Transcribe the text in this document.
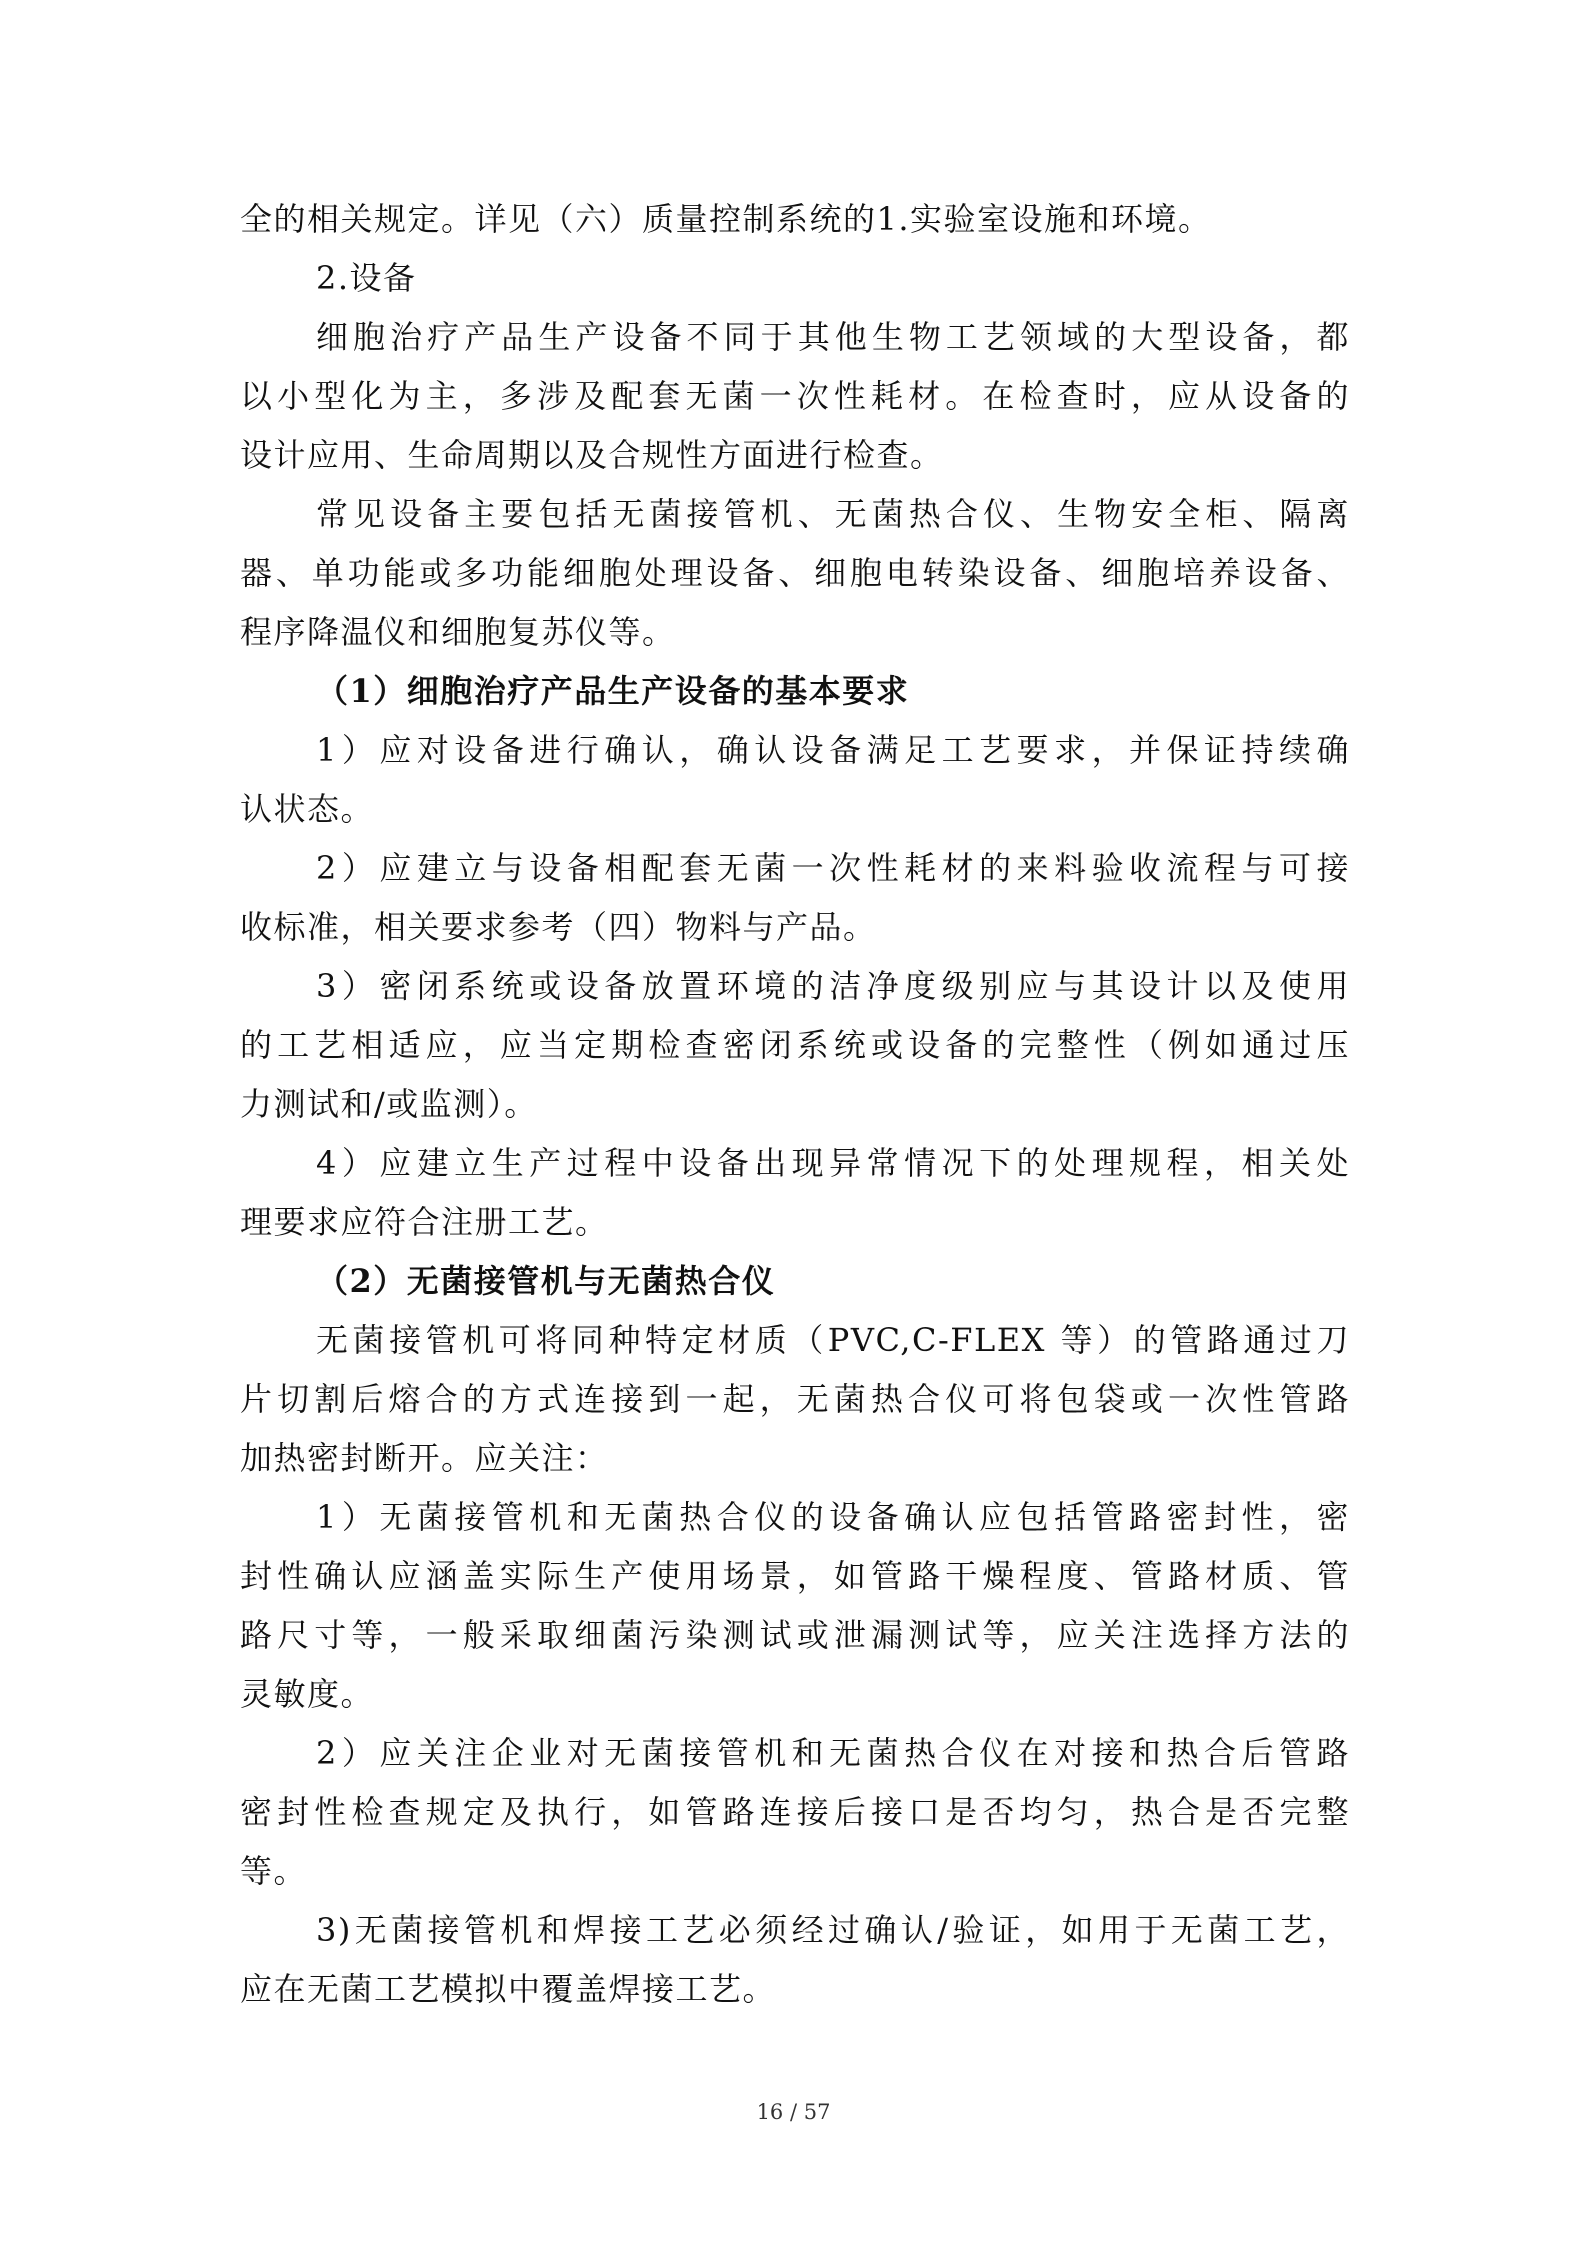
全的相关规定。详见（六）质量控制系统的1.实验室设施和环境。
2.设备
细胞治疗产品生产设备不同于其他生物工艺领域的大型设备，都
以小型化为主，多涉及配套无菌一次性耗材。在检查时，应从设备的
设计应用、生命周期以及合规性方面进行检查。
常见设备主要包括无菌接管机、无菌热合仪、生物安全柜、隔离
器、单功能或多功能细胞处理设备、细胞电转染设备、细胞培养设备、
程序降温仪和细胞复苏仪等。
（1）细胞治疗产品生产设备的基本要求
1）应对设备进行确认，确认设备满足工艺要求，并保证持续确
认状态。
2）应建立与设备相配套无菌一次性耗材的来料验收流程与可接
收标准，相关要求参考（四）物料与产品。
3）密闭系统或设备放置环境的洁净度级别应与其设计以及使用
的工艺相适应，应当定期检查密闭系统或设备的完整性（例如通过压
力测试和/或监测）。
4）应建立生产过程中设备出现异常情况下的处理规程，相关处
理要求应符合注册工艺。
（2）无菌接管机与无菌热合仪
无菌接管机可将同种特定材质（PVC,C-FLEX 等）的管路通过刀
片切割后熔合的方式连接到一起，无菌热合仪可将包袋或一次性管路
加热密封断开。应关注：
1）无菌接管机和无菌热合仪的设备确认应包括管路密封性，密
封性确认应涵盖实际生产使用场景，如管路干燥程度、管路材质、管
路尺寸等，一般采取细菌污染测试或泄漏测试等，应关注选择方法的
灵敏度。
2）应关注企业对无菌接管机和无菌热合仪在对接和热合后管路
密封性检查规定及执行，如管路连接后接口是否均匀，热合是否完整
等。
3)无菌接管机和焊接工艺必须经过确认/验证，如用于无菌工艺，
应在无菌工艺模拟中覆盖焊接工艺。
16 / 57
